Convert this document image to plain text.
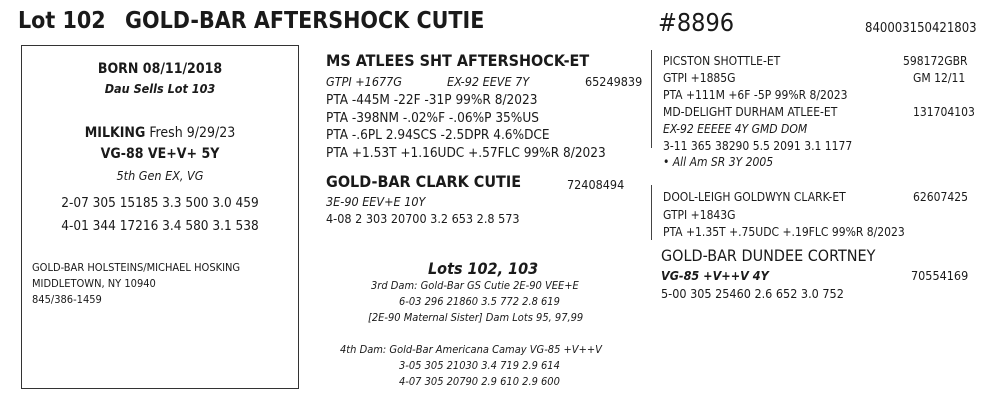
Lot 102 GOLD-BAR AFTERSHOCK CUTIE	#8896	840003150421803
BORN 08/11/2018
Dau Sells Lot 103
MILKING Fresh 9/29/23
VG-88 VE+V+ 5Y
5th Gen EX, VG
2-07 305 15185 3.3 500 3.0 459
4-01 344 17216 3.4 580 3.1 538
GOLD-BAR HOLSTEINS/MICHAEL HOSKING
MIDDLETOWN, NY 10940
845/386-1459
MS ATLEES SHT AFTERSHOCK-ET
GTPI +1677G	EX-92 EEVE 7Y	65249839
PTA -445M -22F -31P 99%R 8/2023
PTA -398NM -.02%F -.06%P 35%US
PTA -.6PL 2.94SCS -2.5DPR 4.6%DCE
PTA +1.53T +1.16UDC +.57FLC 99%R 8/2023
GOLD-BAR CLARK CUTIE	72408494
3E-90 EEV+E 10Y
4-08 2 303 20700 3.2 653 2.8 573
Lots 102, 103
3rd Dam: Gold-Bar GS Cutie 2E-90 VEE+E
6-03 296 21860 3.5 772 2.8 619
[2E-90 Maternal Sister] Dam Lots 95, 97,99
4th Dam: Gold-Bar Americana Camay VG-85 +V++V
3-05 305 21030 3.4 719 2.9 614
4-07 305 20790 2.9 610 2.9 600
PICSTON SHOTTLE-ET	598172GBR
GTPI +1885G	GM 12/11
PTA +111M +6F -5P 99%R 8/2023
MD-DELIGHT DURHAM ATLEE-ET	131704103
EX-92 EEEEE 4Y GMD DOM
3-11 365 38290 5.5 2091 3.1 1177
• All Am SR 3Y 2005
DOOL-LEIGH GOLDWYN CLARK-ET	62607425
GTPI +1843G
PTA +1.35T +.75UDC +.19FLC 99%R 8/2023
GOLD-BAR DUNDEE CORTNEY
VG-85 +V++V 4Y	70554169
5-00 305 25460 2.6 652 3.0 752
